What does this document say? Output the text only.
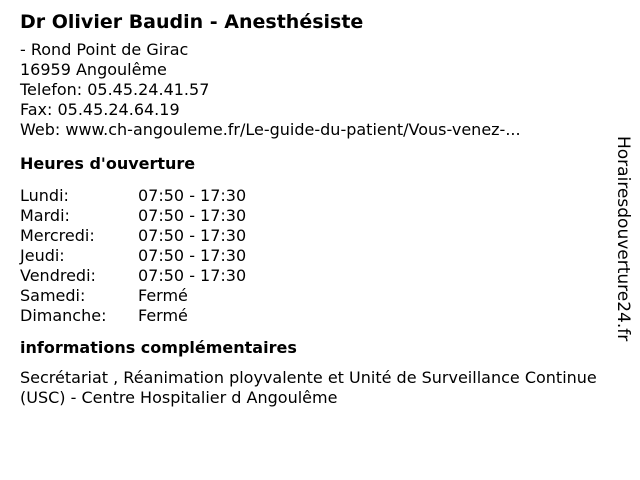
Dr Olivier Baudin - Anesthésiste
- Rond Point de Girac
16959 Angoulême
Telefon: 05.45.24.41.57
Fax: 05.45.24.64.19
Web: www.ch-angouleme.fr/Le-guide-du-patient/Vous-venez-...
Heures d'ouverture
Lundi:	07:50 - 17:30
Mardi:	07:50 - 17:30
Mercredi:	07:50 - 17:30
Jeudi:	07:50 - 17:30
Vendredi:	07:50 - 17:30
Samedi:	Fermé
Dimanche:	Fermé
informations complémentaires
Secrétariat , Réanimation ployvalente et Unité de Surveillance Continue (USC) - Centre Hospitalier d Angoulême
Horairesdouverture24.fr
